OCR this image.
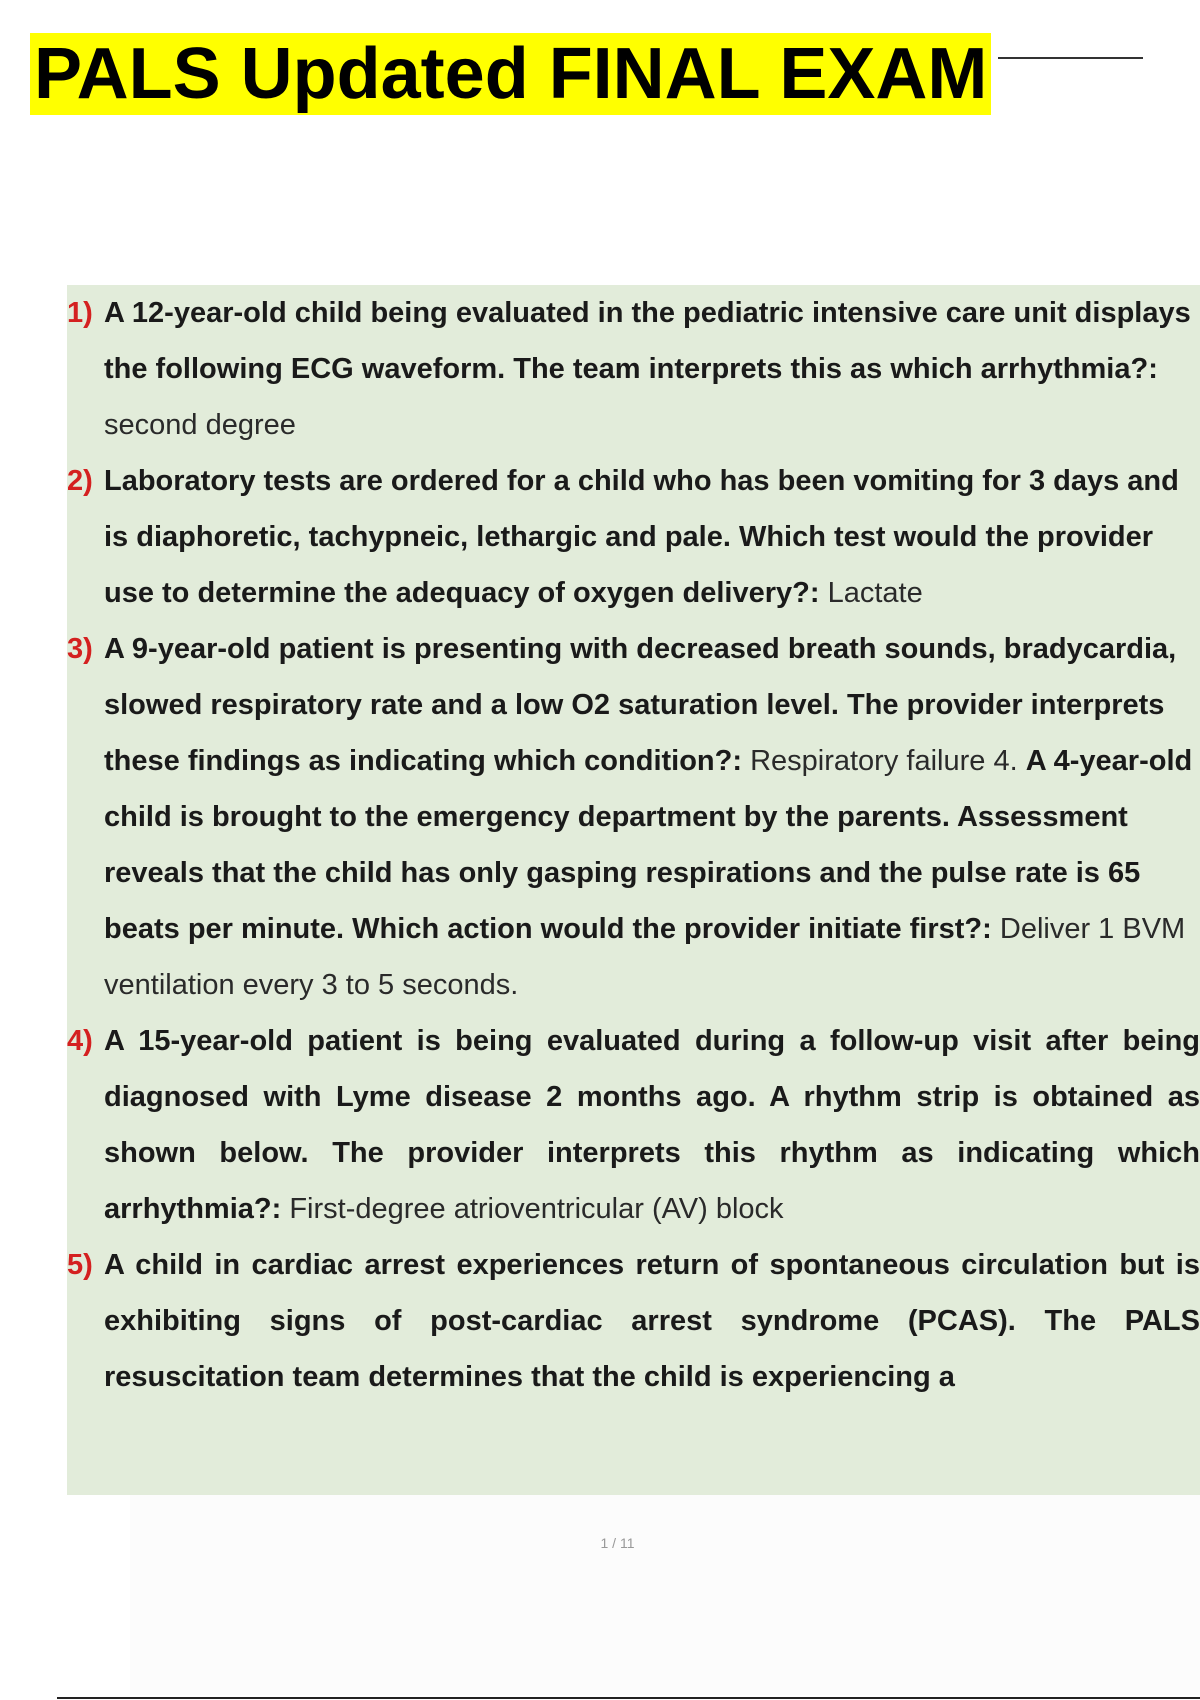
PALS Updated FINAL EXAM
1) A 12-year-old child being evaluated in the pediatric intensive care unit displays the following ECG waveform. The team interprets this as which arrhythmia?: second degree
2) Laboratory tests are ordered for a child who has been vomiting for 3 days and is diaphoretic, tachypneic, lethargic and pale. Which test would the provider use to determine the adequacy of oxygen delivery?: Lactate
3) A 9-year-old patient is presenting with decreased breath sounds, bradycardia, slowed respiratory rate and a low O2 saturation level. The provider interprets these findings as indicating which condition?: Respiratory failure 4. A 4-year-old child is brought to the emergency department by the parents. Assessment reveals that the child has only gasping respirations and the pulse rate is 65 beats per minute. Which action would the provider initiate first?: Deliver 1 BVM ventilation every 3 to 5 seconds.
4) A 15-year-old patient is being evaluated during a follow-up visit after being diagnosed with Lyme disease 2 months ago. A rhythm strip is obtained as shown below. The provider interprets this rhythm as indicating which arrhythmia?: First-degree atrioventricular (AV) block
5) A child in cardiac arrest experiences return of spontaneous circulation but is exhibiting signs of post-cardiac arrest syndrome (PCAS). The PALS resuscitation team determines that the child is experiencing a
1 / 11
